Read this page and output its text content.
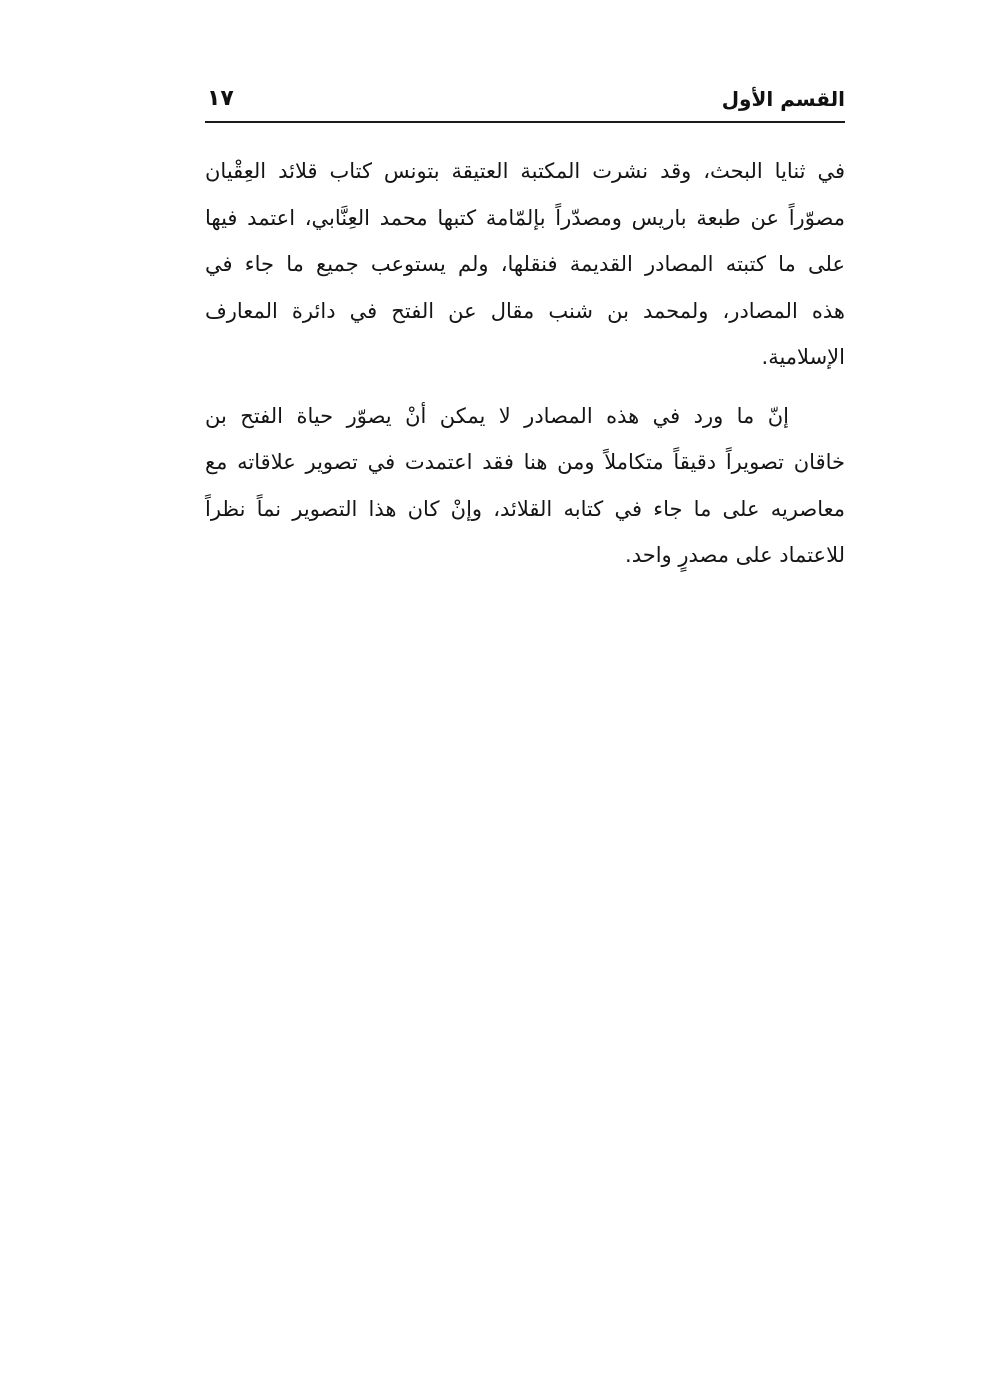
القسم الأول
١٧

في ثنايا البحث، وقد نشرت المكتبة العتيقة بتونس كتاب قلائد العِقْيان
مصوّراً عن طبعة باريس ومصدّراً بإلمّامة كتبها محمد العِنَّابي، اعتمد فيها
على ما كتبته المصادر القديمة فنقلها، ولم يستوعب جميع ما جاء في
هذه المصادر، ولمحمد بن شنب مقال عن الفتح في دائرة المعارف
الإسلامية.

إنّ ما ورد في هذه المصادر لا يمكن أنْ يصوّر حياة الفتح بن
خاقان تصويراً دقيقاً متكاملاً ومن هنا فقد اعتمدت في تصوير علاقاته مع
معاصريه على ما جاء في كتابه القلائد، وإنْ كان هذا التصوير نماً نظراً
للاعتماد على مصدرٍ واحد.
